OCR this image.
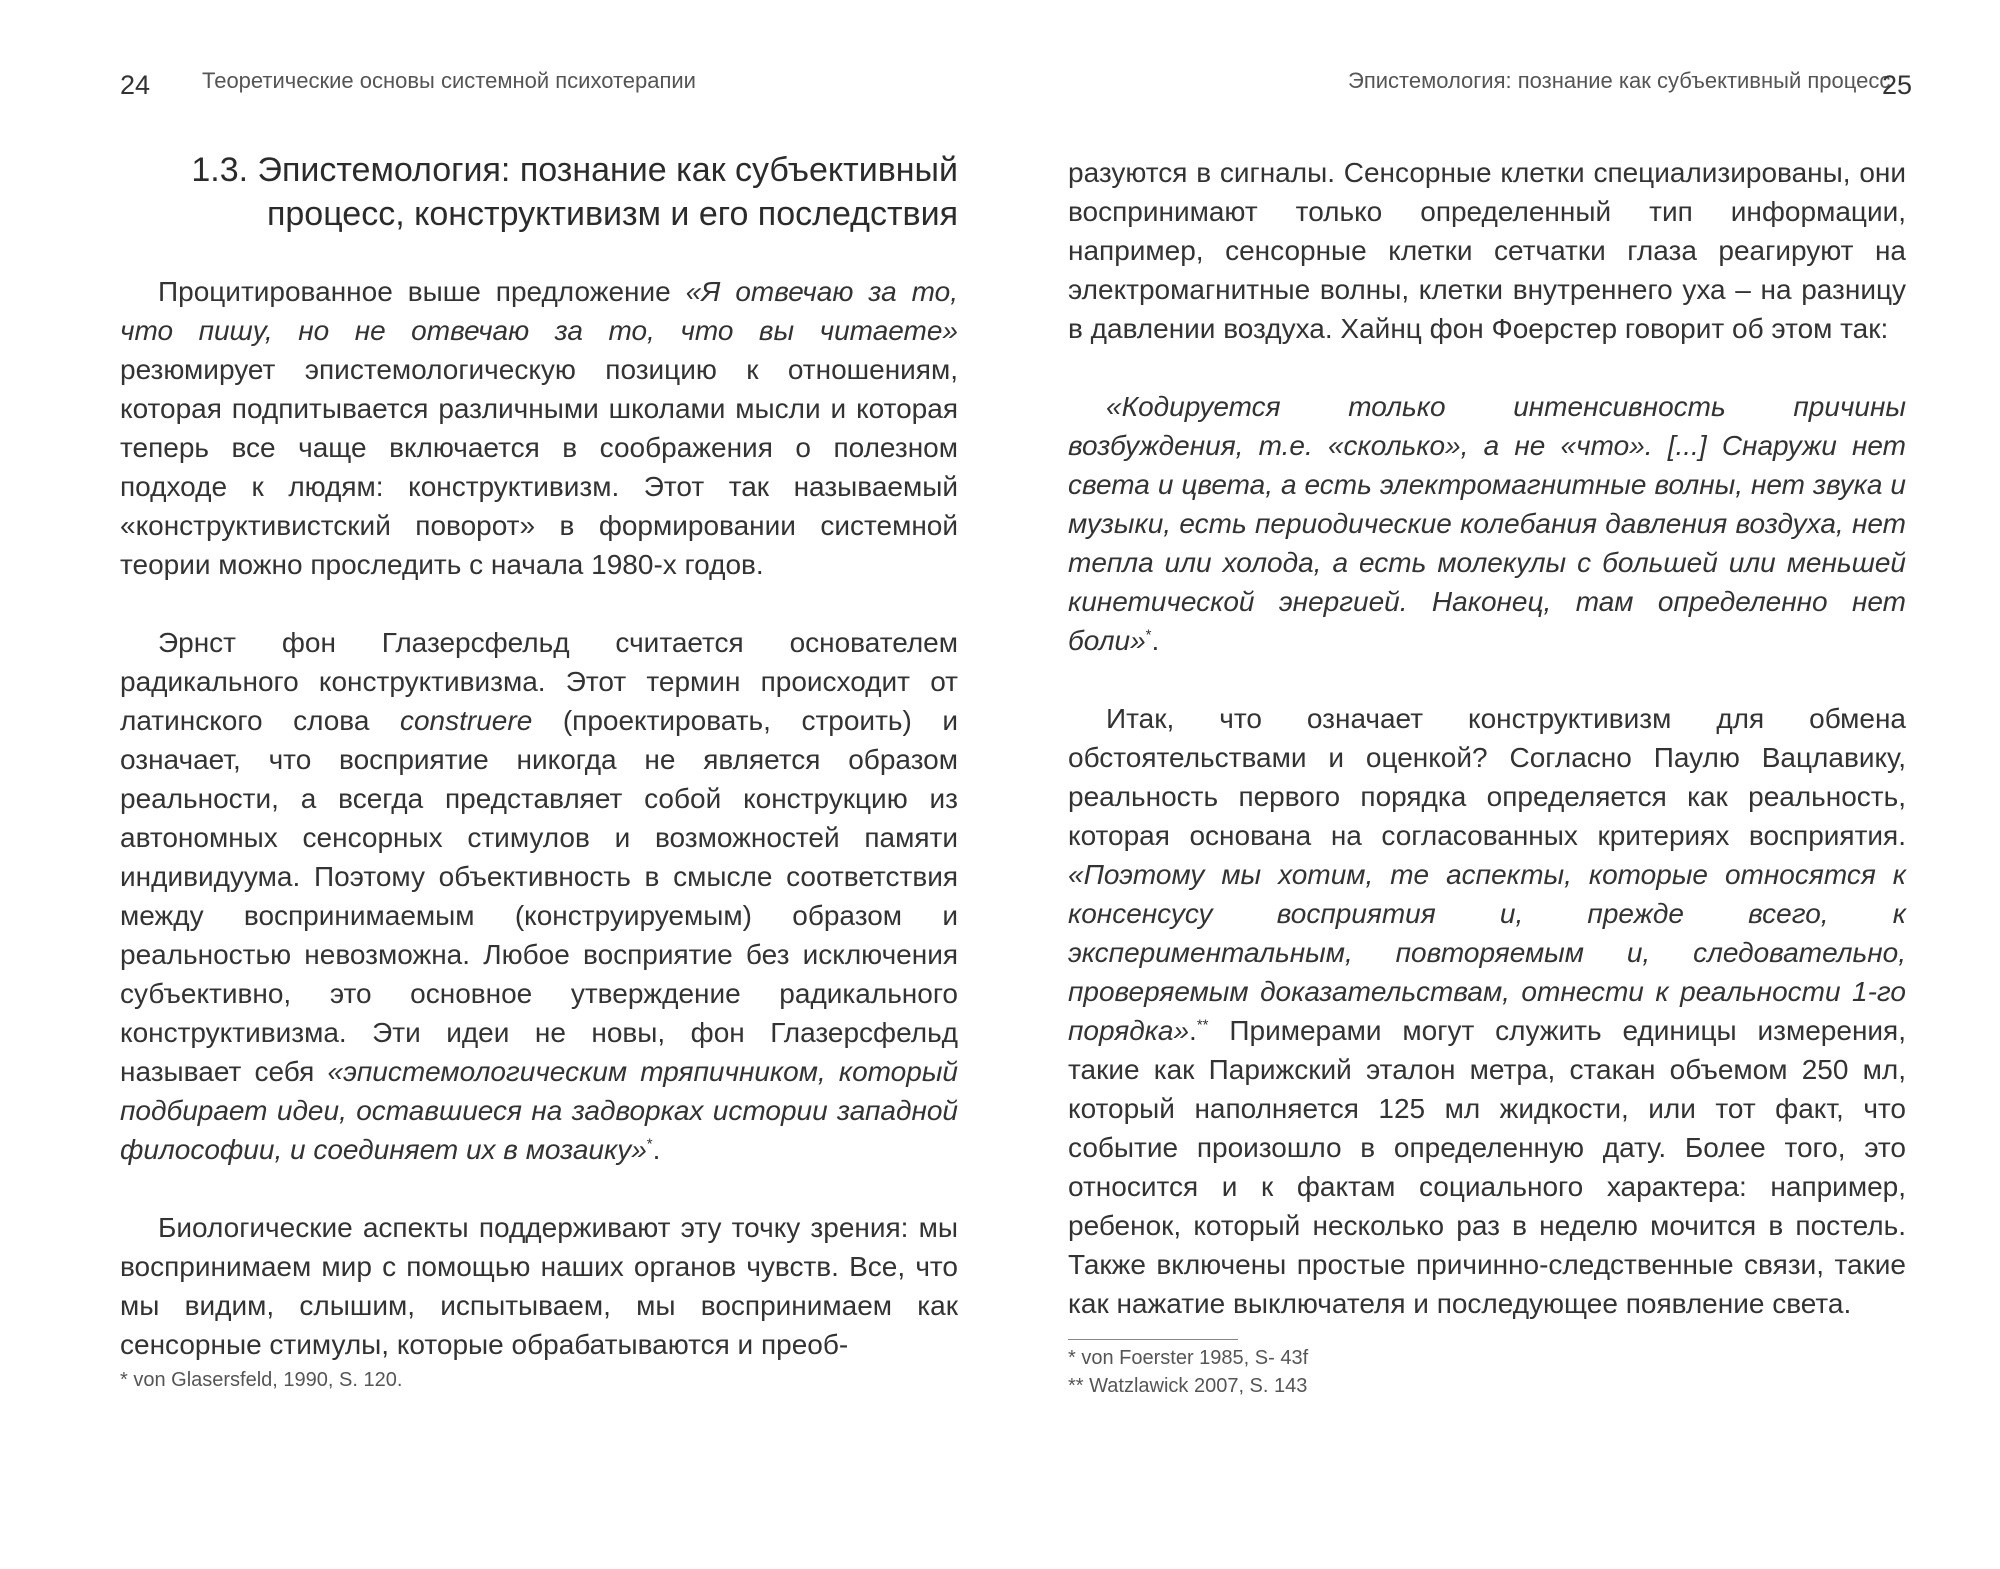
24 Теоретические основы системной психотерапии
1.3. Эпистемология: познание как субъективный процесс, конструктивизм и его последствия

Процитированное выше предложение «Я отвечаю за то, что пишу, но не отвечаю за то, что вы читаете» резюмирует эпистемологическую позицию к отношениям, которая подпитывается различными школами мысли и которая теперь все чаще включается в соображения о полезном подходе к людям: конструктивизм. Этот так называемый «конструктивистский поворот» в формировании системной теории можно проследить с начала 1980-х годов.

Эрнст фон Глазерсфельд считается основателем радикального конструктивизма. Этот термин происходит от латинского слова construere (проектировать, строить) и означает, что восприятие никогда не является образом реальности, а всегда представляет собой конструкцию из автономных сенсорных стимулов и возможностей памяти индивидуума. Поэтому объективность в смысле соответствия между воспринимаемым (конструируемым) образом и реальностью невозможна. Любое восприятие без исключения субъективно, это основное утверждение радикального конструктивизма. Эти идеи не новы, фон Глазерсфельд называет себя «эпистемологическим тряпичником, который подбирает идеи, оставшиеся на задворках истории западной философии, и соединяет их в мозаику»*.

Биологические аспекты поддерживают эту точку зрения: мы воспринимаем мир с помощью наших органов чувств. Все, что мы видим, слышим, испытываем, мы воспринимаем как сенсорные стимулы, которые обрабатываются и преоб-

* von Glasersfeld, 1990, S. 120.
Эпистемология: познание как субъективный процесс
25

разуются в сигналы. Сенсорные клетки специализированы, они воспринимают только определенный тип информации, например, сенсорные клетки сетчатки глаза реагируют на электромагнитные волны, клетки внутреннего уха – на разницу в давлении воздуха. Хайнц фон Фоерстер говорит об этом так:

«Кодируется только интенсивность причины возбуждения, т.е. «сколько», а не «что». [...] Снаружи нет света и цвета, а есть электромагнитные волны, нет звука и музыки, есть периодические колебания давления воздуха, нет тепла или холода, а есть молекулы с большей или меньшей кинетической энергией. Наконец, там определенно нет боли»*.

Итак, что означает конструктивизм для обмена обстоятельствами и оценкой? Согласно Паулю Вацлавику, реальность первого порядка определяется как реальность, которая основана на согласованных критериях восприятия. «Поэтому мы хотим, те аспекты, которые относятся к консенсусу восприятия и, прежде всего, к экспериментальным, повторяемым и, следовательно, проверяемым доказательствам, отнести к реальности 1-го порядка».** Примерами могут служить единицы измерения, такие как Парижский эталон метра, стакан объемом 250 мл, который наполняется 125 мл жидкости, или тот факт, что событие произошло в определенную дату. Более того, это относится и к фактам социального характера: например, ребенок, который несколько раз в неделю мочится в постель. Также включены простые причинно-следственные связи, такие как нажатие выключателя и последующее появление света.

* von Foerster 1985, S- 43f
** Watzlawick 2007, S. 143
